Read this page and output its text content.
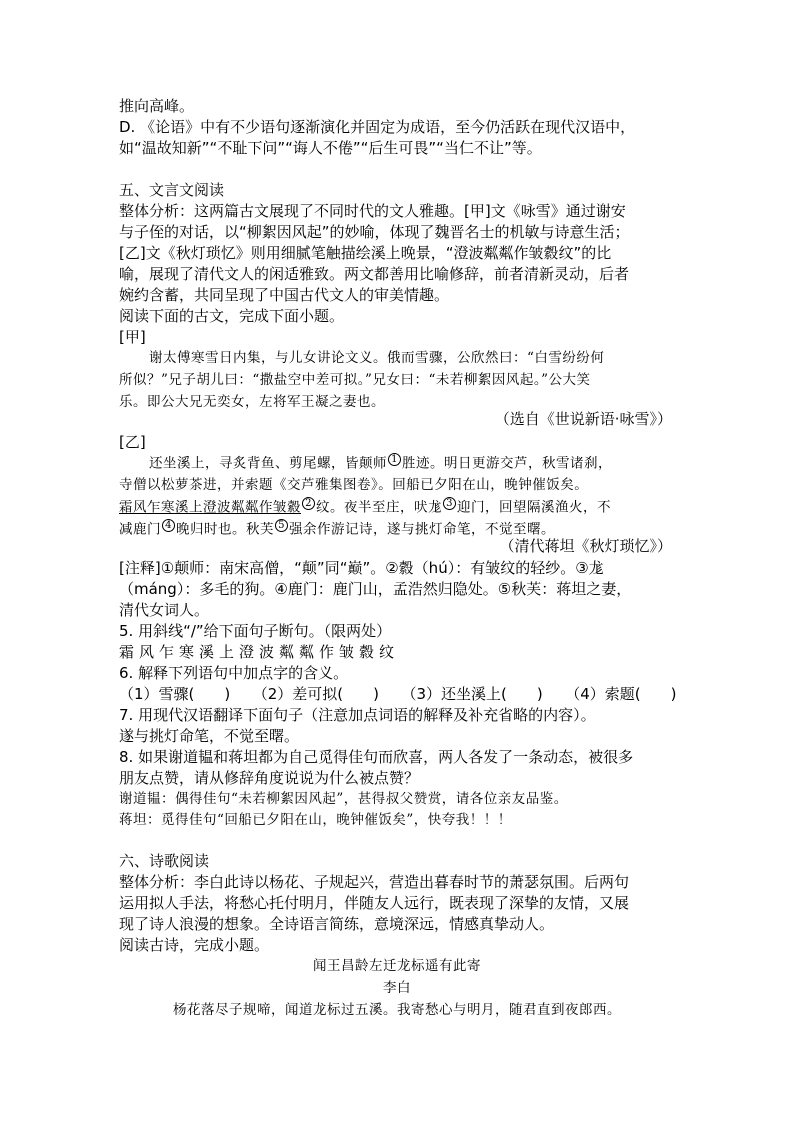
推向高峰。
D. 《论语》中有不少语句逐渐演化并固定为成语，至今仍活跃在现代汉语中，
如“温故知新”“不耻下问”“诲人不倦”“后生可畏”“当仁不让”等。
五、文言文阅读
整体分析：这两篇古文展现了不同时代的文人雅趣。[甲]文《咏雪》通过谢安
与子侄的对话，以“柳絮因风起”的妙喻，体现了魏晋名士的机敏与诗意生活；
[乙]文《秋灯琐忆》则用细腻笔触描绘溪上晚景，“澄波粼粼作皱縠纹”的比
喻，展现了清代文人的闲适雅致。两文都善用比喻修辞，前者清新灵动，后者
婉约含蓄，共同呈现了中国古代文人的审美情趣。
阅读下面的古文，完成下面小题。
[甲]
谢太傅寒雪日内集，与儿女讲论文义。俄而雪骤，公欣然曰：“白雪纷纷何
所似？”兄子胡儿曰：“撒盐空中差可拟。”兄女曰：“未若柳絮因风起。”公大笑
乐。即公大兄无奕女，左将军王凝之妻也。
（选自《世说新语·咏雪》）
[乙]
还坐溪上，寻炙背鱼、剪尾螺，皆颠师 1 胜迹。明日更游交芦，秋雪诸刹，
寺僧以松萝茶进，并索题《交芦雅集图卷》。回船已夕阳在山，晚钟催饭矣。
霜风乍寒溪上澄波粼粼作皱縠 2 纹。夜半至庄，吠尨 3 迎门，回望隔溪渔火，不
减鹿门 4 晚归时也。秋芙 5 强余作游记诗，遂与挑灯命笔，不觉至曙。
（清代蒋坦《秋灯琐忆》）
[注释]①颠师：南宋高僧，“颠”同“巅”。②縠（hú）：有皱纹的轻纱。③尨
（máng）：多毛的狗。④鹿门：鹿门山，孟浩然归隐处。⑤秋芙：蒋坦之妻，
清代女词人。
5. 用斜线“/”给下面句子断句。（限两处）
霜风乍寒溪上澄波粼粼作皱縠纹
6. 解释下列语句中加点字的含义。
（1）雪骤(　　)　　（2）差可拟(　　)　　（3）还坐溪上(　　)　　（4）索题(　　)
7. 用现代汉语翻译下面句子（注意加点词语的解释及补充省略的内容）。
遂与挑灯命笔，不觉至曙。
8. 如果谢道韫和蒋坦都为自己觅得佳句而欣喜，两人各发了一条动态，被很多
朋友点赞，请从修辞角度说说为什么被点赞？
谢道韫：偶得佳句“未若柳絮因风起”，甚得叔父赞赏，请各位亲友品鉴。
蒋坦：觅得佳句“回船已夕阳在山，晚钟催饭矣”，快夸我！！！
六、诗歌阅读
整体分析：李白此诗以杨花、子规起兴，营造出暮春时节的萧瑟氛围。后两句
运用拟人手法，将愁心托付明月，伴随友人远行，既表现了深挚的友情，又展
现了诗人浪漫的想象。全诗语言简练，意境深远，情感真挚动人。
阅读古诗，完成小题。
闻王昌龄左迁龙标遥有此寄
李白
杨花落尽子规啼，闻道龙标过五溪。我寄愁心与明月，随君直到夜郎西。
